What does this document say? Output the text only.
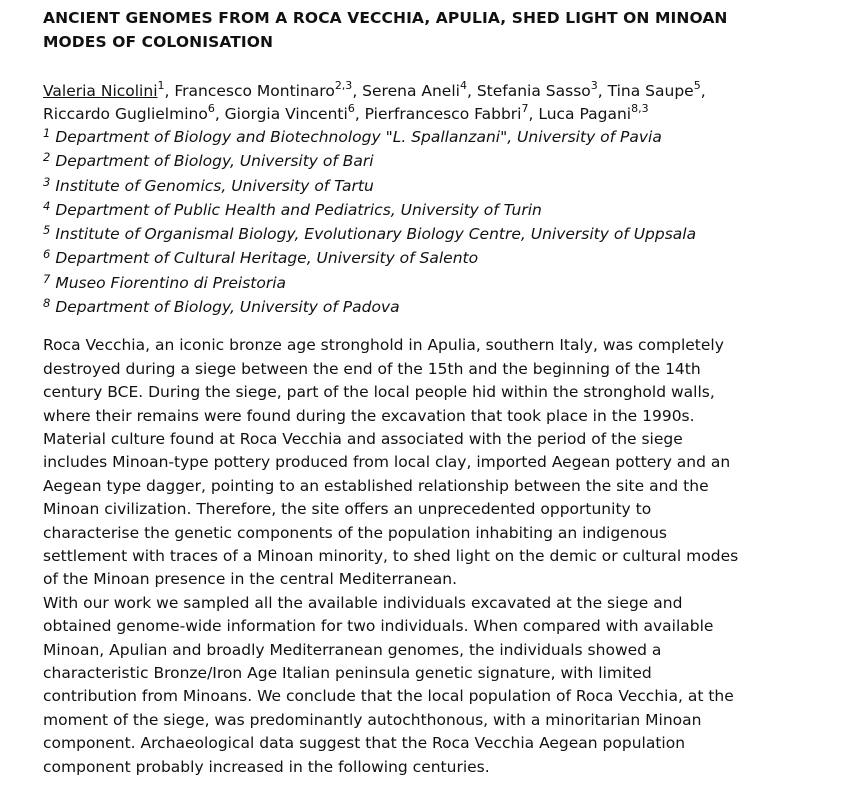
ANCIENT GENOMES FROM A ROCA VECCHIA, APULIA, SHED LIGHT ON MINOAN
MODES OF COLONISATION
Valeria Nicolini$^1$, Francesco Montinaro$^{2,3}$, Serena Aneli$^4$, Stefania Sasso$^3$, Tina Saupe$^5$,
Riccardo Guglielmino$^6$, Giorgia Vincenti$^6$, Pierfrancesco Fabbri$^7$, Luca Pagani$^{8,3}$
$^1$ Department of Biology and Biotechnology "L. Spallanzani", University of Pavia
$^2$ Department of Biology, University of Bari
$^3$ Institute of Genomics, University of Tartu
$^4$ Department of Public Health and Pediatrics, University of Turin
$^5$ Institute of Organismal Biology, Evolutionary Biology Centre, University of Uppsala
$^6$ Department of Cultural Heritage, University of Salento
$^7$ Museo Fiorentino di Preistoria
$^8$ Department of Biology, University of Padova
Roca Vecchia, an iconic bronze age stronghold in Apulia, southern Italy, was completely
destroyed during a siege between the end of the 15th and the beginning of the 14th
century BCE. During the siege, part of the local people hid within the stronghold walls,
where their remains were found during the excavation that took place in the 1990s.
Material culture found at Roca Vecchia and associated with the period of the siege
includes Minoan-type pottery produced from local clay, imported Aegean pottery and an
Aegean type dagger, pointing to an established relationship between the site and the
Minoan civilization. Therefore, the site offers an unprecedented opportunity to
characterise the genetic components of the population inhabiting an indigenous
settlement with traces of a Minoan minority, to shed light on the demic or cultural modes
of the Minoan presence in the central Mediterranean.
With our work we sampled all the available individuals excavated at the siege and
obtained genome-wide information for two individuals. When compared with available
Minoan, Apulian and broadly Mediterranean genomes, the individuals showed a
characteristic Bronze/Iron Age Italian peninsula genetic signature, with limited
contribution from Minoans. We conclude that the local population of Roca Vecchia, at the
moment of the siege, was predominantly autochthonous, with a minoritarian Minoan
component. Archaeological data suggest that the Roca Vecchia Aegean population
component probably increased in the following centuries.
